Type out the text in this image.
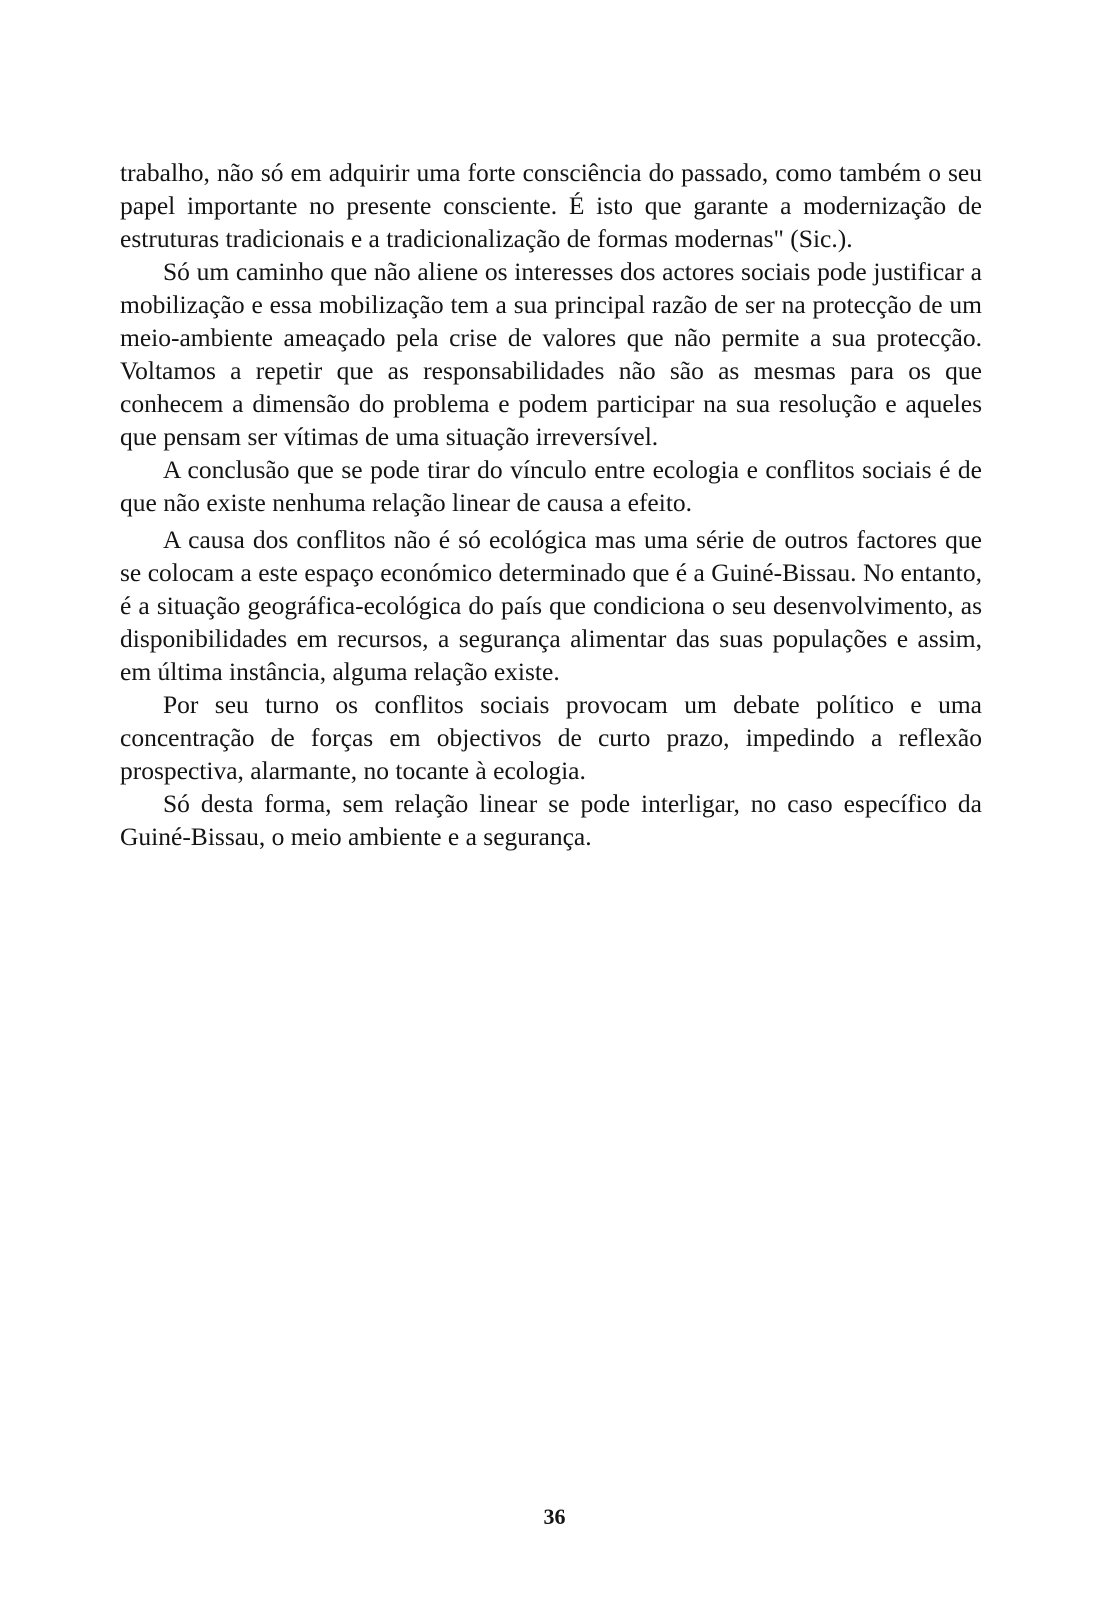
trabalho, não só em adquirir uma forte consciência do passado, como também o seu papel importante no presente consciente. É isto que garante a modernização de estruturas tradicionais e a tradicionalização de formas modernas" (Sic.).

Só um caminho que não aliene os interesses dos actores sociais pode justificar a mobilização e essa mobilização tem a sua principal razão de ser na protecção de um meio-ambiente ameaçado pela crise de valores que não permite a sua protecção. Voltamos a repetir que as responsabilidades não são as mesmas para os que conhecem a dimensão do problema e podem participar na sua resolução e aqueles que pensam ser vítimas de uma situação irreversível.

A conclusão que se pode tirar do vínculo entre ecologia e conflitos sociais é de que não existe nenhuma relação linear de causa a efeito.

A causa dos conflitos não é só ecológica mas uma série de outros factores que se colocam a este espaço económico determinado que é a Guiné-Bissau. No entanto, é a situação geográfica-ecológica do país que condiciona o seu desenvolvimento, as disponibilidades em recursos, a segurança alimentar das suas populações e assim, em última instância, alguma relação existe.

Por seu turno os conflitos sociais provocam um debate político e uma concentração de forças em objectivos de curto prazo, impedindo a reflexão prospectiva, alarmante, no tocante à ecologia.

Só desta forma, sem relação linear se pode interligar, no caso específico da Guiné-Bissau, o meio ambiente e a segurança.

36
